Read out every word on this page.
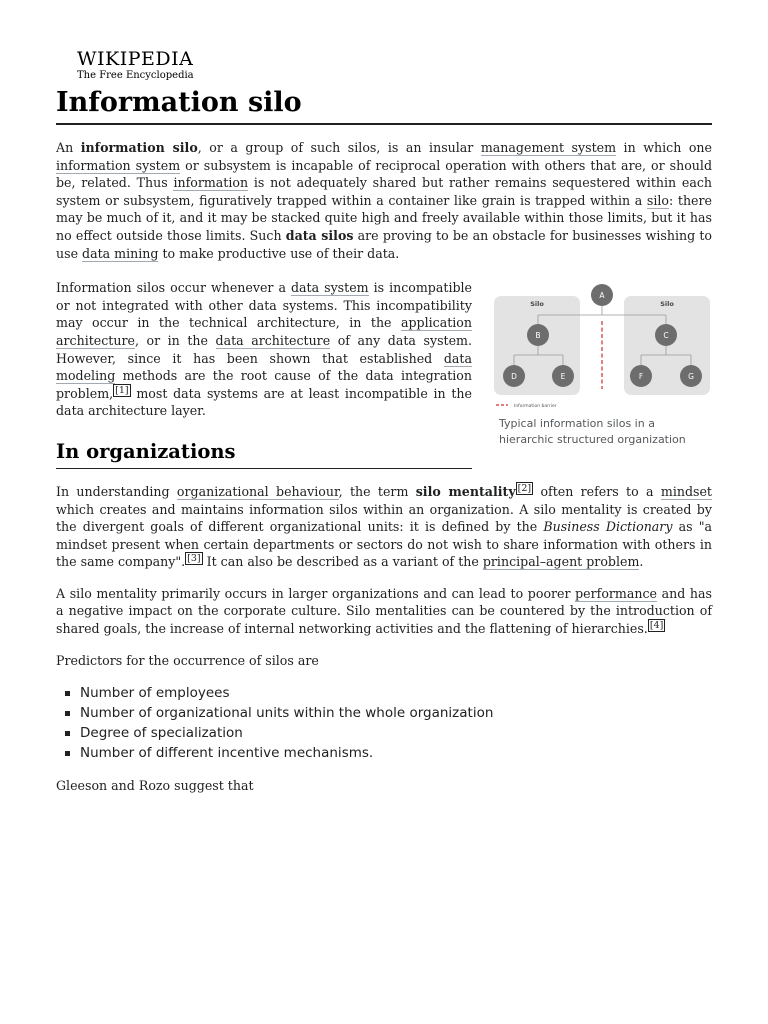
WIKIPEDIA
The Free Encyclopedia
Information silo

An information silo, or a group of such silos, is an insular management system in which one information system or subsystem is incapable of reciprocal operation with others that are, or should be, related. Thus information is not adequately shared but rather remains sequestered within each system or subsystem, figuratively trapped within a container like grain is trapped within a silo: there may be much of it, and it may be stacked quite high and freely available within those limits, but it has no effect outside those limits. Such data silos are proving to be an obstacle for businesses wishing to use data mining to make productive use of their data.

Information silos occur whenever a data system is incompatible or not integrated with other data systems. This incompatibility may occur in the technical architecture, in the application architecture, or in the data architecture of any data system. However, since it has been shown that established data modeling methods are the root cause of the data integration problem, [1] most data systems are at least incompatible in the data architecture layer.

In organizations
Silo	Silo
A
B	C
D	E	F	G
Information barrier
Typical information silos in a hierarchic structured organization

In understanding organizational behaviour, the term silo mentality [2] often refers to a mindset which creates and maintains information silos within an organization. A silo mentality is created by the divergent goals of different organizational units: it is defined by the Business Dictionary as "a mindset present when certain departments or sectors do not wish to share information with others in the same company". [3] It can also be described as a variant of the principal–agent problem.

A silo mentality primarily occurs in larger organizations and can lead to poorer performance and has a negative impact on the corporate culture. Silo mentalities can be countered by the introduction of shared goals, the increase of internal networking activities and the flattening of hierarchies. [4]

Predictors for the occurrence of silos are

Number of employees
Number of organizational units within the whole organization
Degree of specialization
Number of different incentive mechanisms.

Gleeson and Rozo suggest that
